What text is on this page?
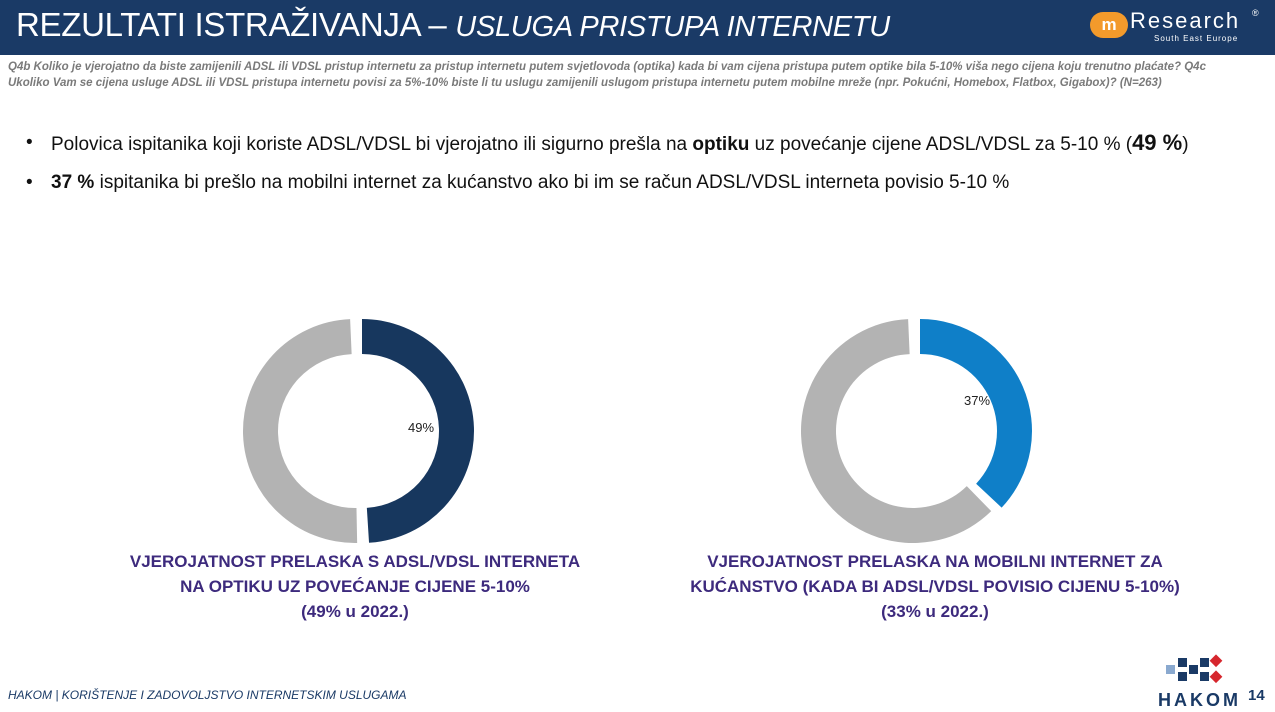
REZULTATI ISTRAŽIVANJA – USLUGA PRISTUPA INTERNETU	m Research ®
South East Europe
Q4b Koliko je vjerojatno da biste zamijenili ADSL ili VDSL pristup internetu za pristup internetu putem svjetlovoda (optika) kada bi vam cijena pristupa putem optike bila 5-10% viša nego cijena koju trenutno plaćate? Q4c Ukoliko Vam se cijena usluge ADSL ili VDSL pristupa internetu povisi za 5%-10% biste li tu uslugu zamijenili uslugom pristupa internetu putem mobilne mreže (npr. Pokućni, Homebox, Flatbox, Gigabox)? (N=263)
• Polovica ispitanika koji koriste ADSL/VDSL bi vjerojatno ili sigurno prešla na optiku uz povećanje cijene ADSL/VDSL za 5-10 % (49 %)
• 37 % ispitanika bi prešlo na mobilni internet za kućanstvo ako bi im se račun ADSL/VDSL interneta povisio 5-10 %
49%
37%
VJEROJATNOST PRELASKA S ADSL/VDSL INTERNETA
NA OPTIKU UZ POVEĆANJE CIJENE 5-10%
(49% u 2022.)
VJEROJATNOST PRELASKA NA MOBILNI INTERNET ZA
KUĆANSTVO (KADA BI ADSL/VDSL POVISIO CIJENU 5-10%)
(33% u 2022.)
HAKOM | KORIŠTENJE I ZADOVOLJSTVO INTERNETSKIM USLUGAMA	HAKOM 14
